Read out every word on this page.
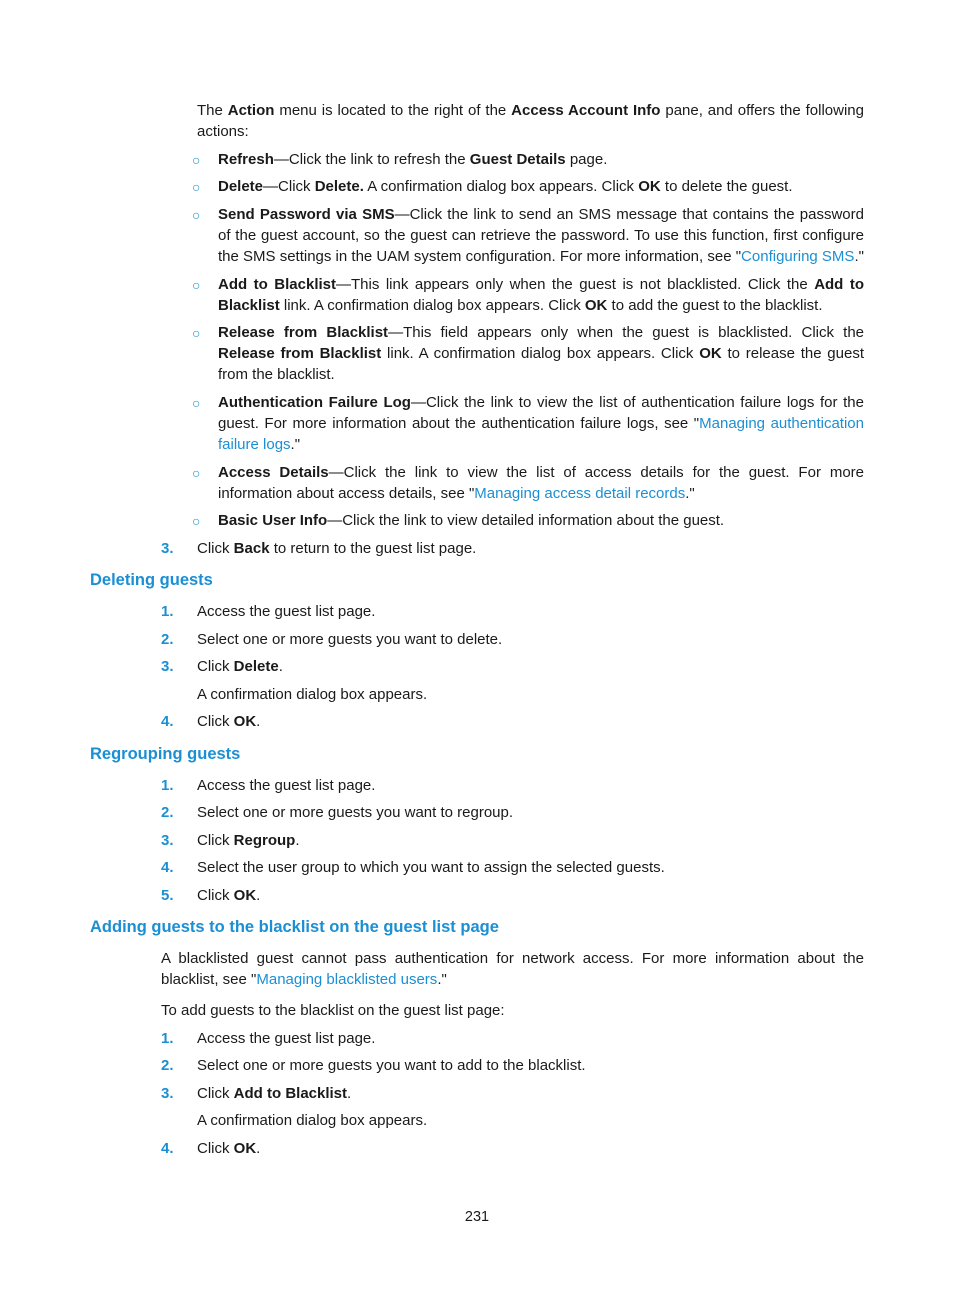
The Action menu is located to the right of the Access Account Info pane, and offers the following actions:

○ Refresh—Click the link to refresh the Guest Details page.

○ Delete—Click Delete. A confirmation dialog box appears. Click OK to delete the guest.

○ Send Password via SMS—Click the link to send an SMS message that contains the password of the guest account, so the guest can retrieve the password. To use this function, first configure the SMS settings in the UAM system configuration. For more information, see "Configuring SMS."

○ Add to Blacklist—This link appears only when the guest is not blacklisted. Click the Add to Blacklist link. A confirmation dialog box appears. Click OK to add the guest to the blacklist.

○ Release from Blacklist—This field appears only when the guest is blacklisted. Click the Release from Blacklist link. A confirmation dialog box appears. Click OK to release the guest from the blacklist.

○ Authentication Failure Log—Click the link to view the list of authentication failure logs for the guest. For more information about the authentication failure logs, see "Managing authentication failure logs."

○ Access Details—Click the link to view the list of access details for the guest. For more information about access details, see "Managing access detail records."

○ Basic User Info—Click the link to view detailed information about the guest.

3. Click Back to return to the guest list page.

Deleting guests
1. Access the guest list page.

2. Select one or more guests you want to delete.

3. Click Delete.

A confirmation dialog box appears.

4. Click OK.

Regrouping guests
1. Access the guest list page.

2. Select one or more guests you want to regroup.

3. Click Regroup.

4. Select the user group to which you want to assign the selected guests.

5. Click OK.

Adding guests to the blacklist on the guest list page

A blacklisted guest cannot pass authentication for network access. For more information about the blacklist, see "Managing blacklisted users."

To add guests to the blacklist on the guest list page:

1. Access the guest list page.

2. Select one or more guests you want to add to the blacklist.

3. Click Add to Blacklist.

A confirmation dialog box appears.

4. Click OK.

231
